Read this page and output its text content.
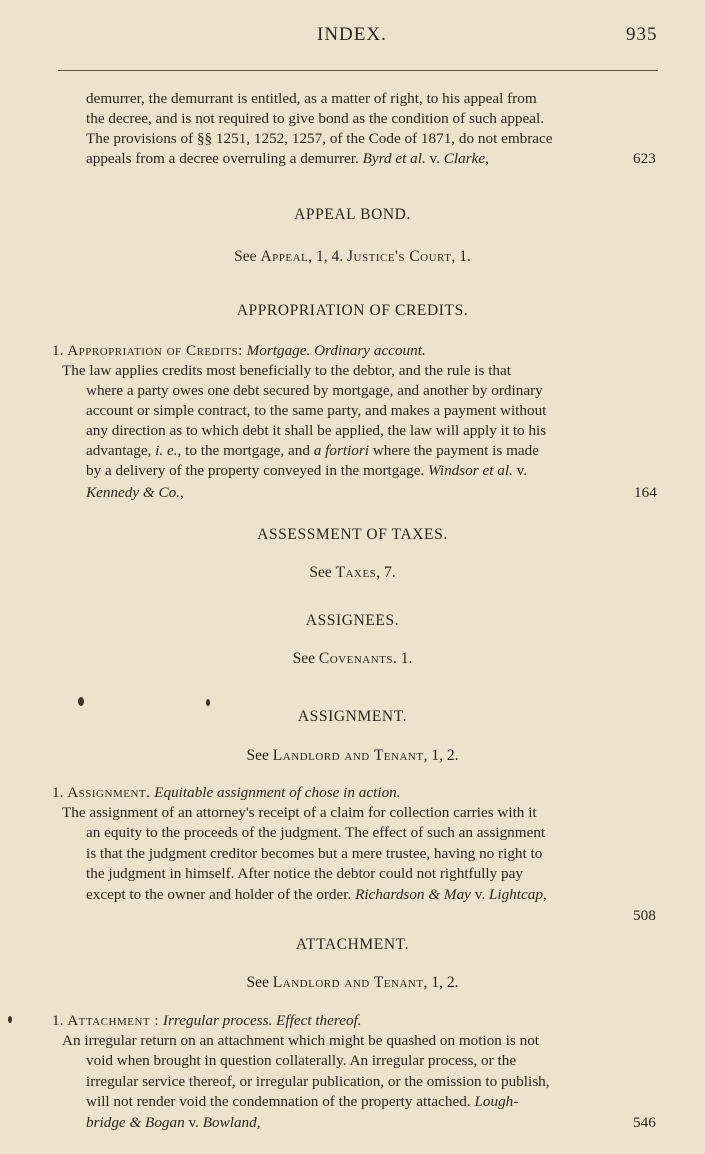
INDEX.	935
demurrer, the demurrant is entitled, as a matter of right, to his appeal from
the decree, and is not required to give bond as the condition of such appeal.
The provisions of §§ 1251, 1252, 1257, of the Code of 1871, do not embrace
appeals from a decree overruling a demurrer. Byrd et al. v. Clarke,	623
APPEAL BOND.
See Appeal, 1, 4. Justice's Court, 1.
APPROPRIATION OF CREDITS.
1. Appropriation of Credits: Mortgage. Ordinary account.
The law applies credits most beneficially to the debtor, and the rule is that
where a party owes one debt secured by mortgage, and another by ordinary
account or simple contract, to the same party, and makes a payment without
any direction as to which debt it shall be applied, the law will apply it to his
advantage, i. e., to the mortgage, and a fortiori where the payment is made
by a delivery of the property conveyed in the mortgage. Windsor et al. v.
Kennedy & Co.,	164
ASSESSMENT OF TAXES.
See Taxes, 7.
ASSIGNEES.
See Covenants. 1.
ASSIGNMENT.
See Landlord and Tenant, 1, 2.
1. Assignment. Equitable assignment of chose in action.
The assignment of an attorney's receipt of a claim for collection carries with it
an equity to the proceeds of the judgment. The effect of such an assignment
is that the judgment creditor becomes but a mere trustee, having no right to
the judgment in himself. After notice the debtor could not rightfully pay
except to the owner and holder of the order. Richardson & May v. Lightcap,
508
ATTACHMENT.
See Landlord and Tenant, 1, 2.
1. Attachment : Irregular process. Effect thereof.
An irregular return on an attachment which might be quashed on motion is not
void when brought in question collaterally. An irregular process, or the
irregular service thereof, or irregular publication, or the omission to publish,
will not render void the condemnation of the property attached. Lough-
bridge & Bogan v. Bowland,	546
